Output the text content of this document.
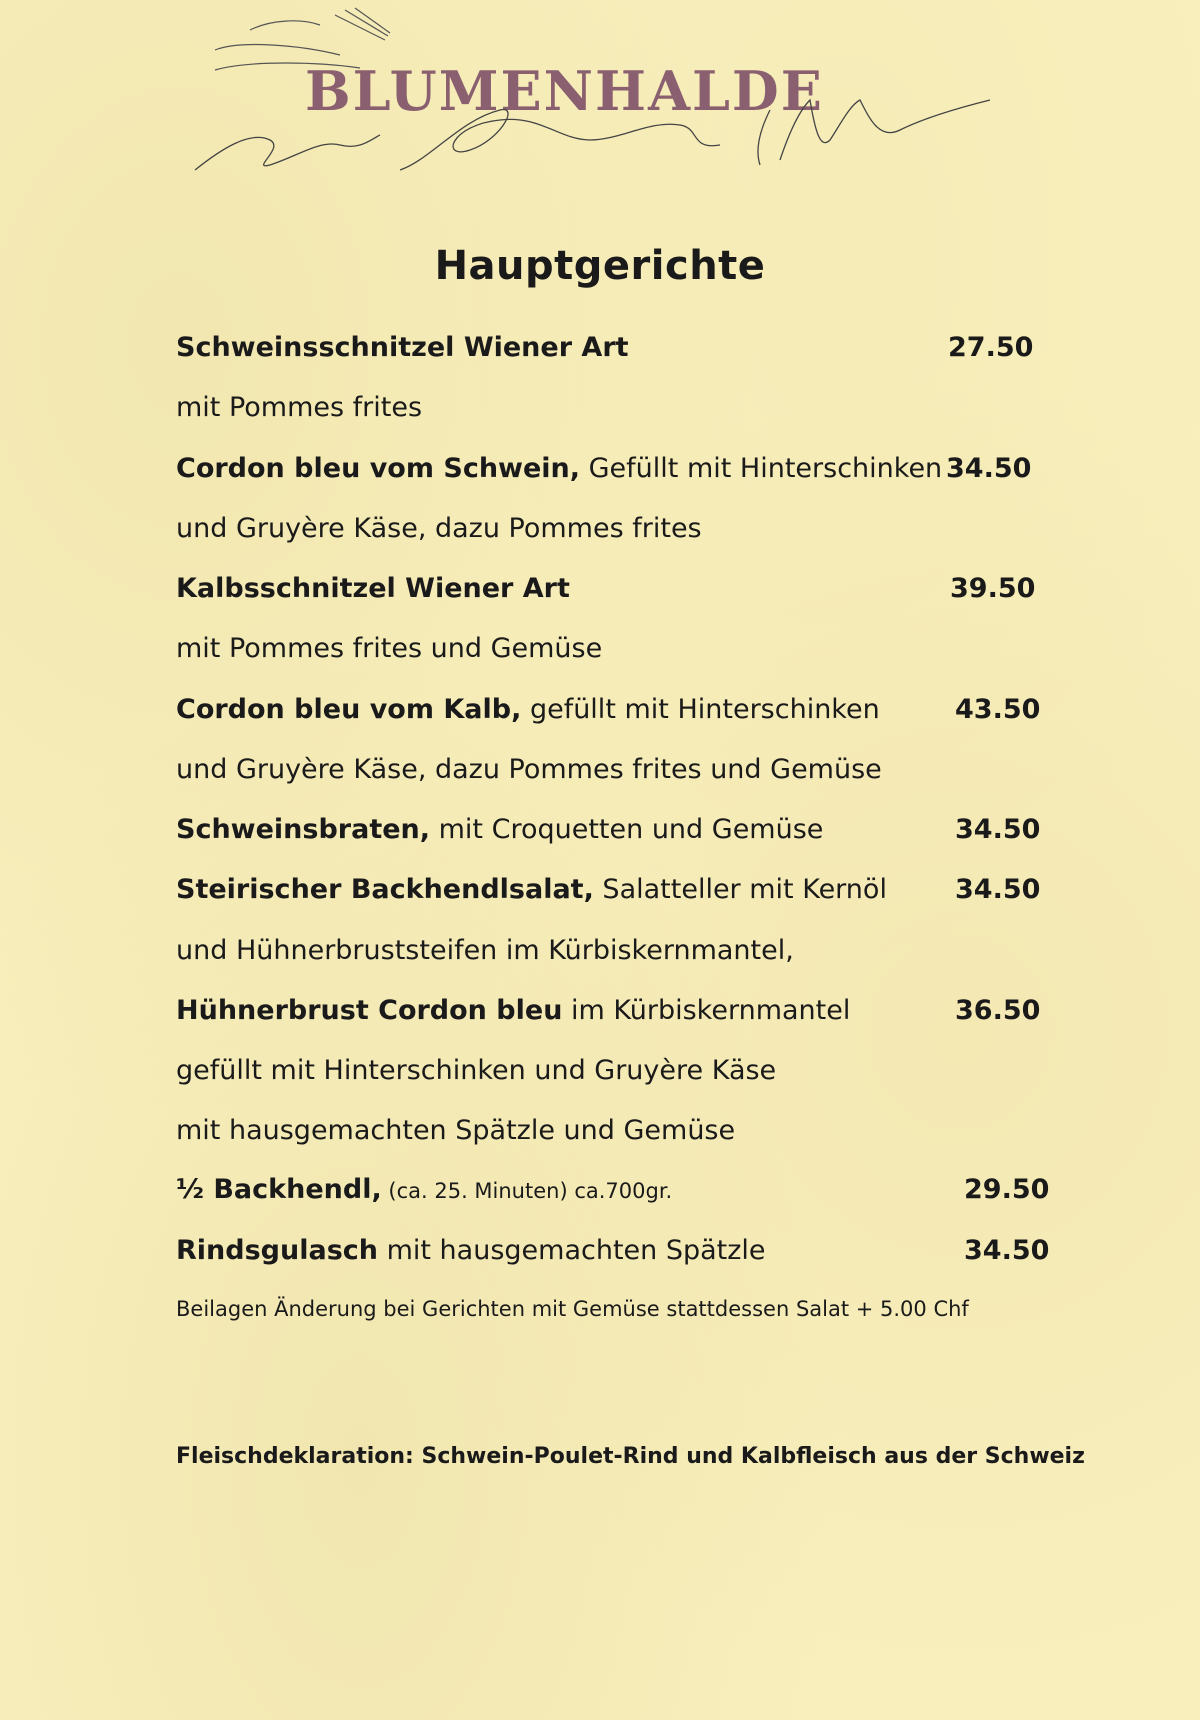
BLUMENHALDE
Hauptgerichte
Schweinsschnitzel Wiener Art	27.50
mit Pommes frites
Cordon bleu vom Schwein, Gefüllt mit Hinterschinken 34.50
und Gruyère Käse, dazu Pommes frites
Kalbsschnitzel Wiener Art	39.50
mit Pommes frites und Gemüse
Cordon bleu vom Kalb, gefüllt mit Hinterschinken	43.50
und Gruyère Käse, dazu Pommes frites und Gemüse
Schweinsbraten, mit Croquetten und Gemüse	34.50
Steirischer Backhendlsalat, Salatteller mit Kernöl	34.50
und Hühnerbruststeifen im Kürbiskernmantel,
Hühnerbrust Cordon bleu im Kürbiskernmantel	36.50
gefüllt mit Hinterschinken und Gruyère Käse
mit hausgemachten Spätzle und Gemüse
½ Backhendl, (ca. 25. Minuten) ca.700gr.	29.50
Rindsgulasch mit hausgemachten Spätzle	34.50
Beilagen Änderung bei Gerichten mit Gemüse stattdessen Salat + 5.00 Chf
Fleischdeklaration: Schwein-Poulet-Rind und Kalbfleisch aus der Schweiz
